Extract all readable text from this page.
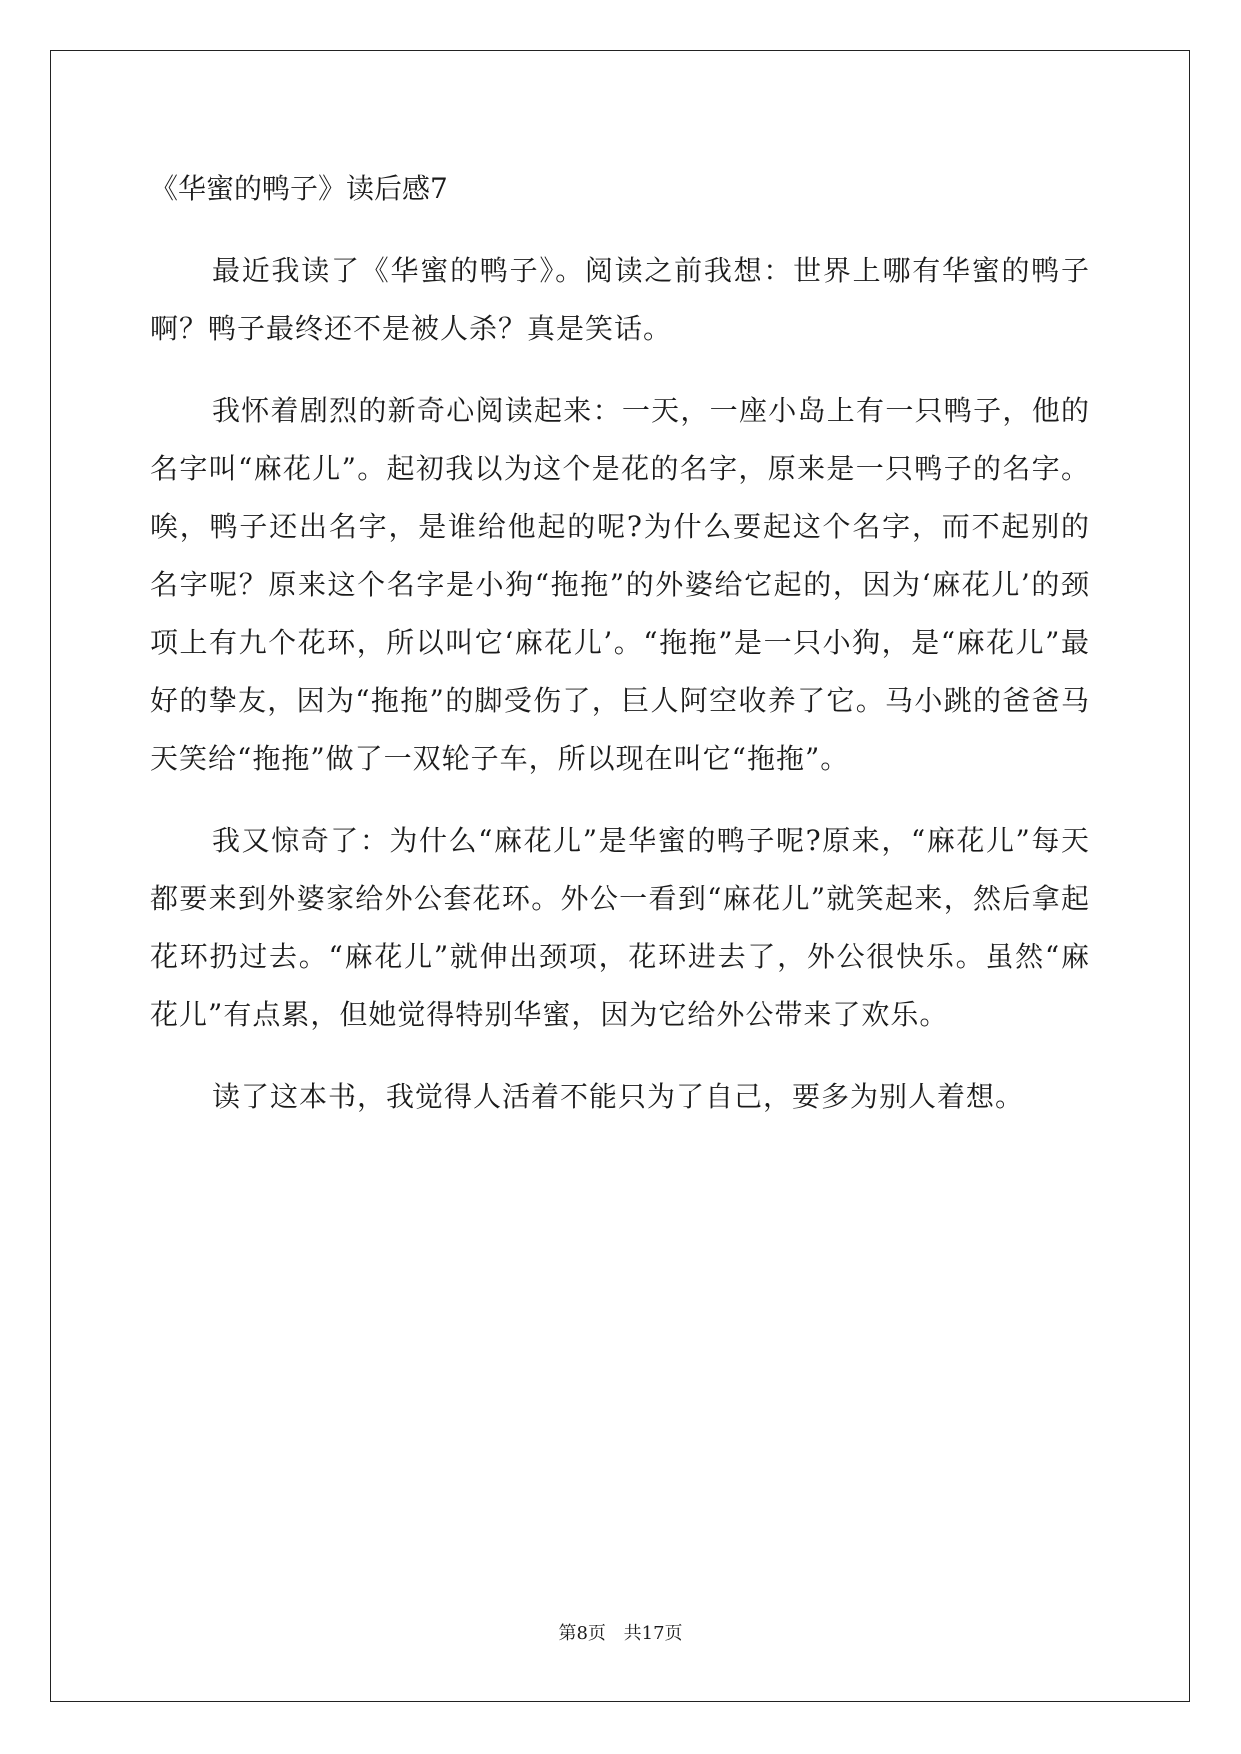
《华蜜的鸭子》读后感7

最近我读了《华蜜的鸭子》。阅读之前我想：世界上哪有华蜜的鸭子啊？鸭子最终还不是被人杀？真是笑话。

我怀着剧烈的新奇心阅读起来：一天，一座小岛上有一只鸭子，他的名字叫“麻花儿”。起初我以为这个是花的名字，原来是一只鸭子的名字。唉，鸭子还出名字，是谁给他起的呢?为什么要起这个名字，而不起别的名字呢？原来这个名字是小狗“拖拖”的外婆给它起的，因为‘麻花儿’的颈项上有九个花环，所以叫它‘麻花儿’。“拖拖”是一只小狗，是“麻花儿”最好的挚友，因为“拖拖”的脚受伤了，巨人阿空收养了它。马小跳的爸爸马天笑给“拖拖”做了一双轮子车，所以现在叫它“拖拖”。

我又惊奇了：为什么“麻花儿”是华蜜的鸭子呢?原来，“麻花儿”每天都要来到外婆家给外公套花环。外公一看到“麻花儿”就笑起来，然后拿起花环扔过去。“麻花儿”就伸出颈项，花环进去了，外公很快乐。虽然“麻花儿”有点累，但她觉得特别华蜜，因为它给外公带来了欢乐。

读了这本书，我觉得人活着不能只为了自己，要多为别人着想。

第8页 共17页
